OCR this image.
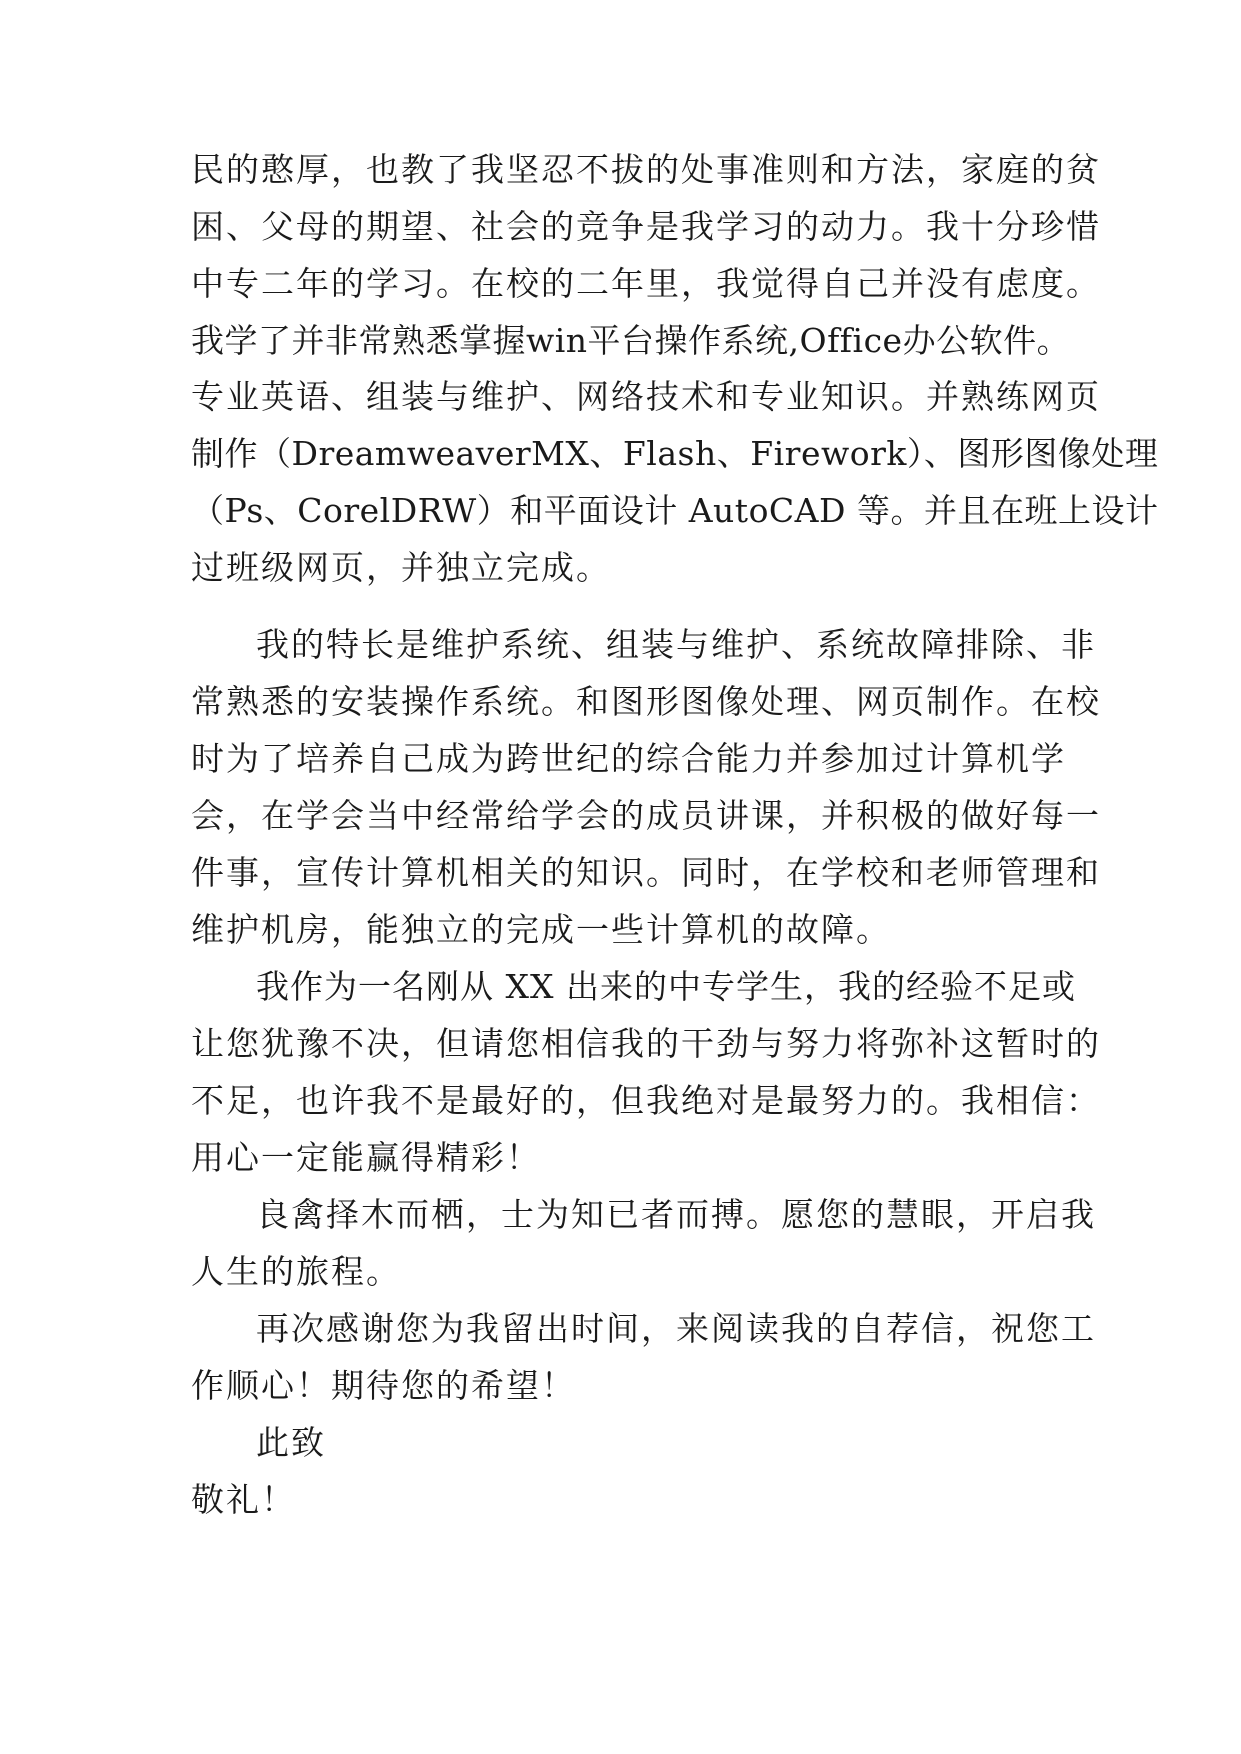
民的憨厚，也教了我坚忍不拔的处事准则和方法，家庭的贫
困、父母的期望、社会的竞争是我学习的动力。我十分珍惜
中专二年的学习。在校的二年里，我觉得自己并没有虑度。
我学了并非常熟悉掌握win平台操作系统,Office办公软件。
专业英语、组装与维护、网络技术和专业知识。并熟练网页
制作（DreamweaverMX、Flash、Firework）、图形图像处理
（Ps、CorelDRW）和平面设计 AutoCAD 等。并且在班上设计
过班级网页，并独立完成。
我的特长是维护系统、组装与维护、系统故障排除、非
常熟悉的安装操作系统。和图形图像处理、网页制作。在校
时为了培养自己成为跨世纪的综合能力并参加过计算机学
会，在学会当中经常给学会的成员讲课，并积极的做好每一
件事，宣传计算机相关的知识。同时，在学校和老师管理和
维护机房，能独立的完成一些计算机的故障。
我作为一名刚从 XX 出来的中专学生，我的经验不足或
让您犹豫不决，但请您相信我的干劲与努力将弥补这暂时的
不足，也许我不是最好的，但我绝对是最努力的。我相信：
用心一定能赢得精彩！
良禽择木而栖，士为知已者而搏。愿您的慧眼，开启我
人生的旅程。
再次感谢您为我留出时间，来阅读我的自荐信，祝您工
作顺心！期待您的希望！
此致
敬礼！
